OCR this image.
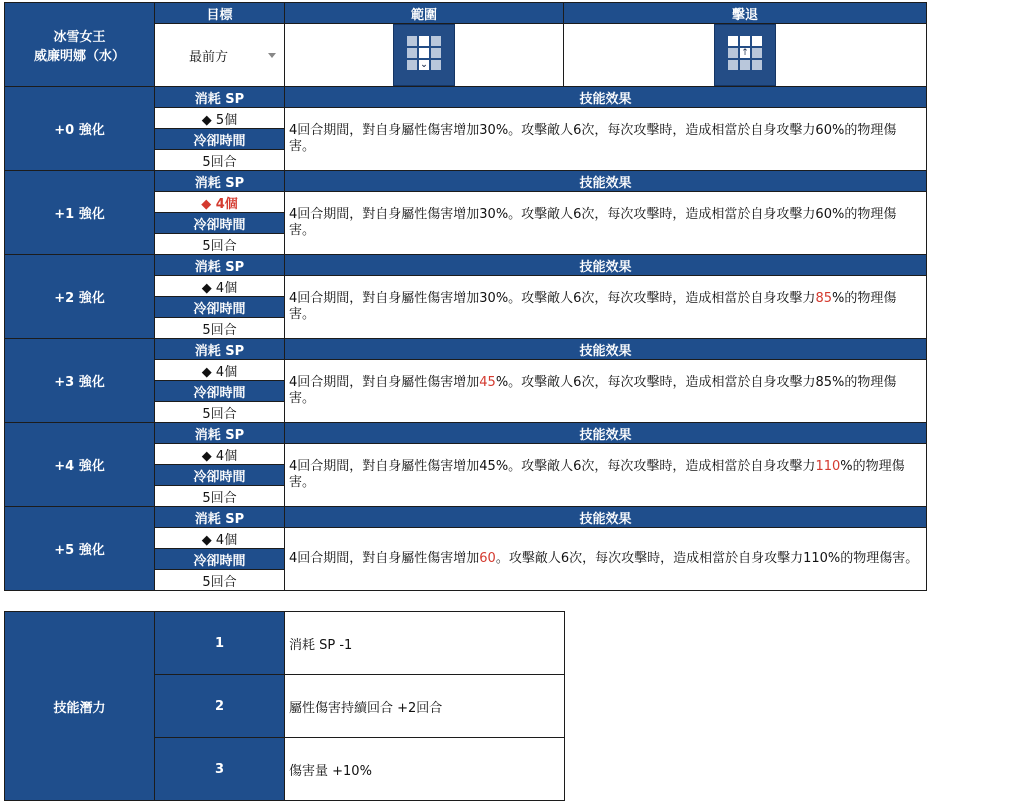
冰雪女王
威廉明娜（水）	目標	範圍	擊退

	最前方	⌄	↑

+0 強化	消耗 SP	技能效果	
	◆ 5個	4回合期間，對自身屬性傷害增加30%。攻擊敵人6次，每次攻擊時，造成相當於自身攻擊力60%的物理傷害。	
	冷卻時間		
	5回合		
+1 強化	消耗 SP	技能效果	
	◆ 4個	4回合期間，對自身屬性傷害增加30%。攻擊敵人6次，每次攻擊時，造成相當於自身攻擊力60%的物理傷害。	
	冷卻時間		
	5回合		
+2 強化	消耗 SP	技能效果	
	◆ 4個	4回合期間，對自身屬性傷害增加30%。攻擊敵人6次，每次攻擊時，造成相當於自身攻擊力85%的物理傷害。	
	冷卻時間		
	5回合		
+3 強化	消耗 SP	技能效果	
	◆ 4個	4回合期間，對自身屬性傷害增加45%。攻擊敵人6次，每次攻擊時，造成相當於自身攻擊力85%的物理傷害。	
	冷卻時間		
	5回合		
+4 強化	消耗 SP	技能效果	
	◆ 4個	4回合期間，對自身屬性傷害增加45%。攻擊敵人6次，每次攻擊時，造成相當於自身攻擊力110%的物理傷害。	
	冷卻時間		
	5回合		
+5 強化	消耗 SP	技能效果	
	◆ 4個	4回合期間，對自身屬性傷害增加60。攻擊敵人6次，每次攻擊時，造成相當於自身攻擊力110%的物理傷害。	
	冷卻時間		
	5回合		
技能潛力	1	消耗 SP -1
	2	屬性傷害持續回合 +2回合
	3	傷害量 +10%
